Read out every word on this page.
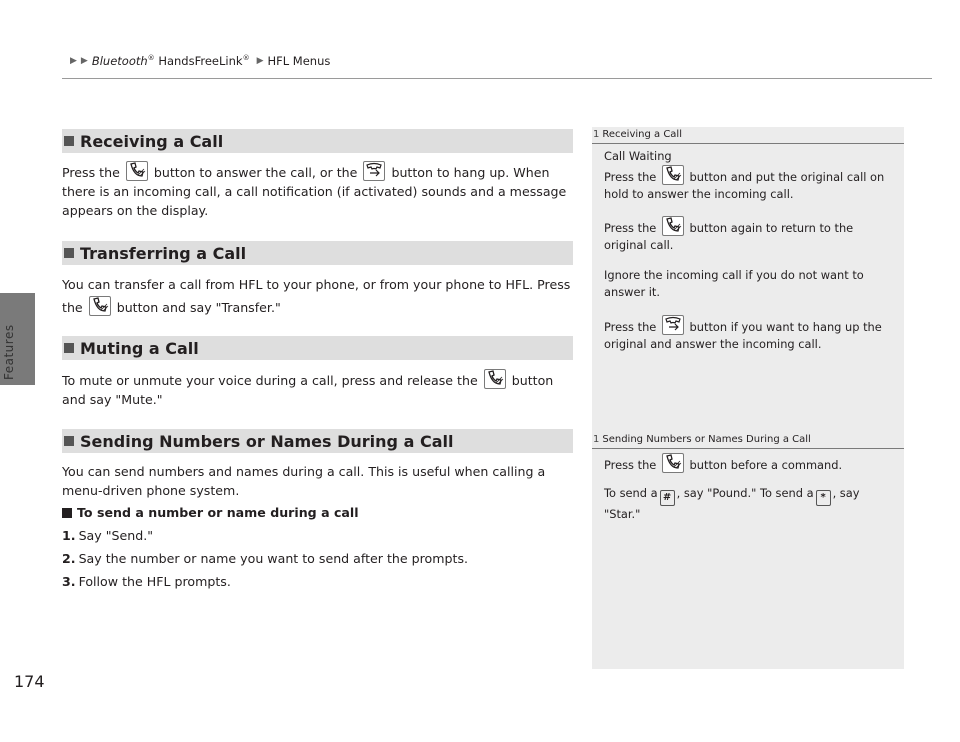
Features
▶ ▶ Bluetooth® HandsFreeLink® ▶ HFL Menus
Receiving a Call

Press the	button to answer the call, or the	button to hang up. When there is an incoming call, a call notification (if activated) sounds and a message appears on the display.

Transferring a Call

You can transfer a call from HFL to your phone, or from your phone to HFL. Press the	button and say "Transfer."

Muting a Call

To mute or unmute your voice during a call, press and release the	button and say "Mute."

Sending Numbers or Names During a Call

You can send numbers and names during a call. This is useful when calling a menu-driven phone system.

To send a number or name during a call
1. Say "Send."
2. Say the number or name you want to send after the prompts.
3. Follow the HFL prompts.
1 Receiving a Call

Call Waiting

Press the	button and put the original call on hold to answer the incoming call.

Press the	button again to return to the original call.

Ignore the incoming call if you do not want to answer it.

Press the	button if you want to hang up the original and answer the incoming call.

1 Sending Numbers or Names During a Call

Press the	button before a command.

To send a # , say "Pound." To send a * , say "Star."

174
